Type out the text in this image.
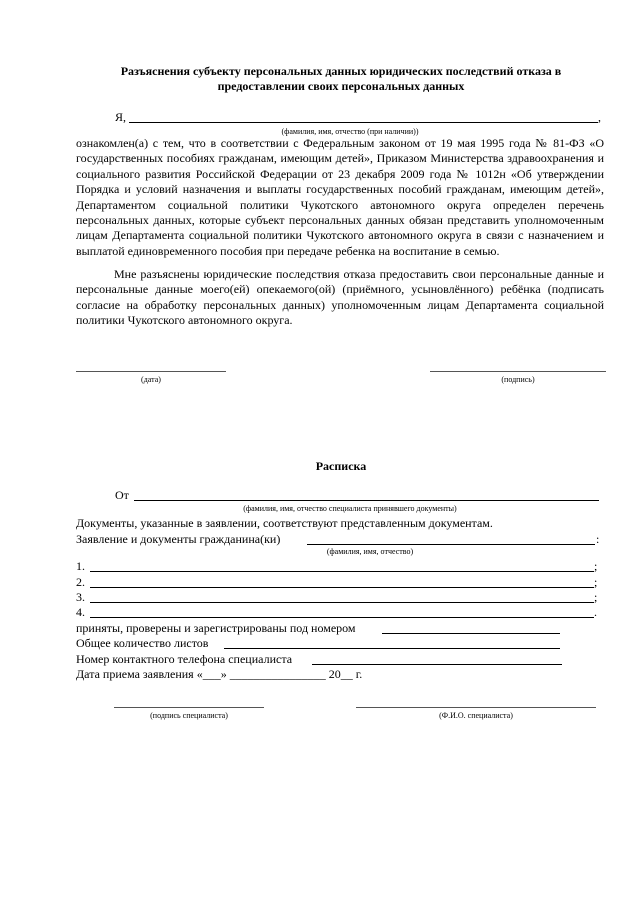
Разъяснения субъекту персональных данных юридических последствий отказа в предоставлении своих персональных данных
Я,	,
(фамилия, имя, отчество (при наличии))
ознакомлен(а) с тем, что в соответствии с Федеральным законом от 19 мая 1995 года № 81-ФЗ «О государственных пособиях гражданам, имеющим детей», Приказом Министерства здравоохранения и социального развития Российской Федерации от 23 декабря 2009 года № 1012н «Об утверждении Порядка и условий назначения и выплаты государственных пособий гражданам, имеющим детей», Департаментом социальной политики Чукотского автономного округа определен перечень персональных данных, которые субъект персональных данных обязан представить уполномоченным лицам Департамента социальной политики Чукотского автономного округа в связи с назначением и выплатой единовременного пособия при передаче ребенка на воспитание в семью.
Мне разъяснены юридические последствия отказа предоставить свои персональные данные и персональные данные моего(ей) опекаемого(ой) (приёмного, усыновлённого) ребёнка (подписать согласие на обработку персональных данных) уполномоченным лицам Департамента социальной политики Чукотского автономного округа.
(дата)	(подпись)
Расписка
От
(фамилия, имя, отчество специалиста принявшего документы)
Документы, указанные в заявлении, соответствуют представленным документам.
Заявление и документы гражданина(ки)	:
(фамилия, имя, отчество)
1.	;
2.	;
3.	;
4.	.
приняты, проверены и зарегистрированы под номером
Общее количество листов
Номер контактного телефона специалиста
Дата приема заявления «___» ________________ 20__ г.
(подпись специалиста)	(Ф.И.О. специалиста)
